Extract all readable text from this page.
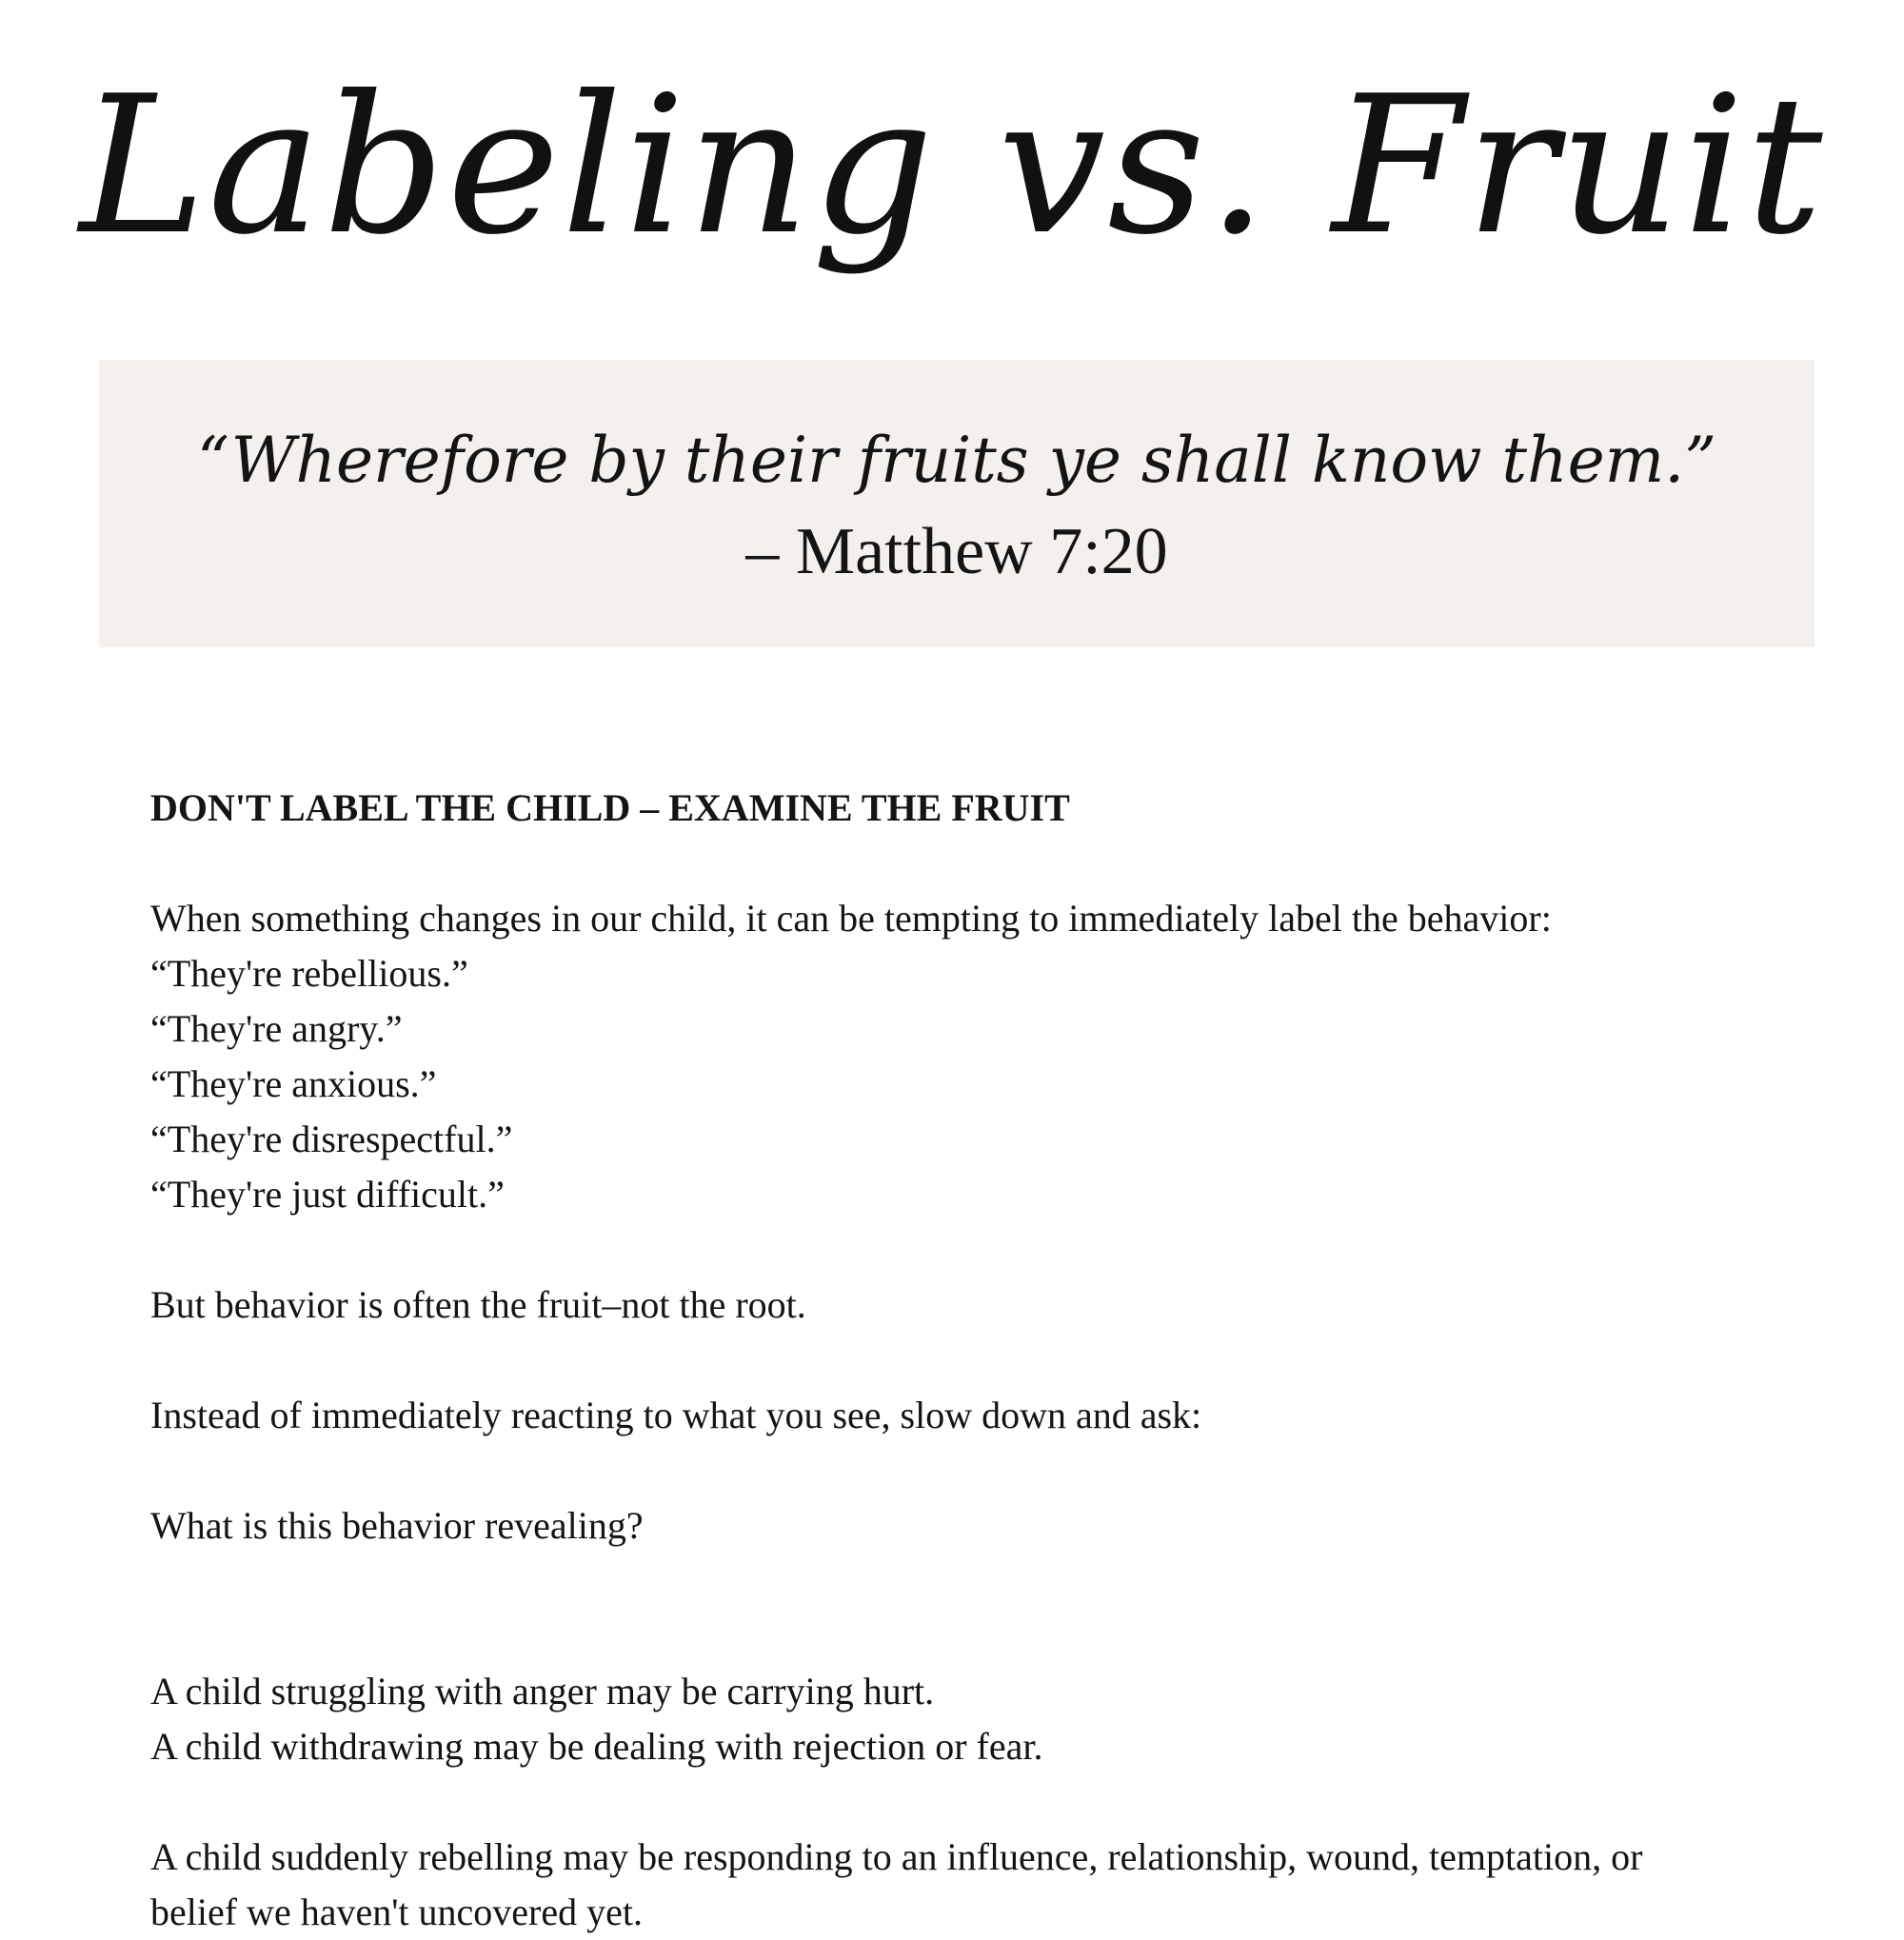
Labeling vs. Fruit
“Wherefore by their fruits ye shall know them.”
– Matthew 7:20
DON'T LABEL THE CHILD – EXAMINE THE FRUIT
When something changes in our child, it can be tempting to immediately label the behavior:
“They're rebellious.”
“They're angry.”
“They're anxious.”
“They're disrespectful.”
“They're just difficult.”
But behavior is often the fruit–not the root.
Instead of immediately reacting to what you see, slow down and ask:
What is this behavior revealing?
A child struggling with anger may be carrying hurt.
A child withdrawing may be dealing with rejection or fear.
A child suddenly rebelling may be responding to an influence, relationship, wound, temptation, or
belief we haven't uncovered yet.
